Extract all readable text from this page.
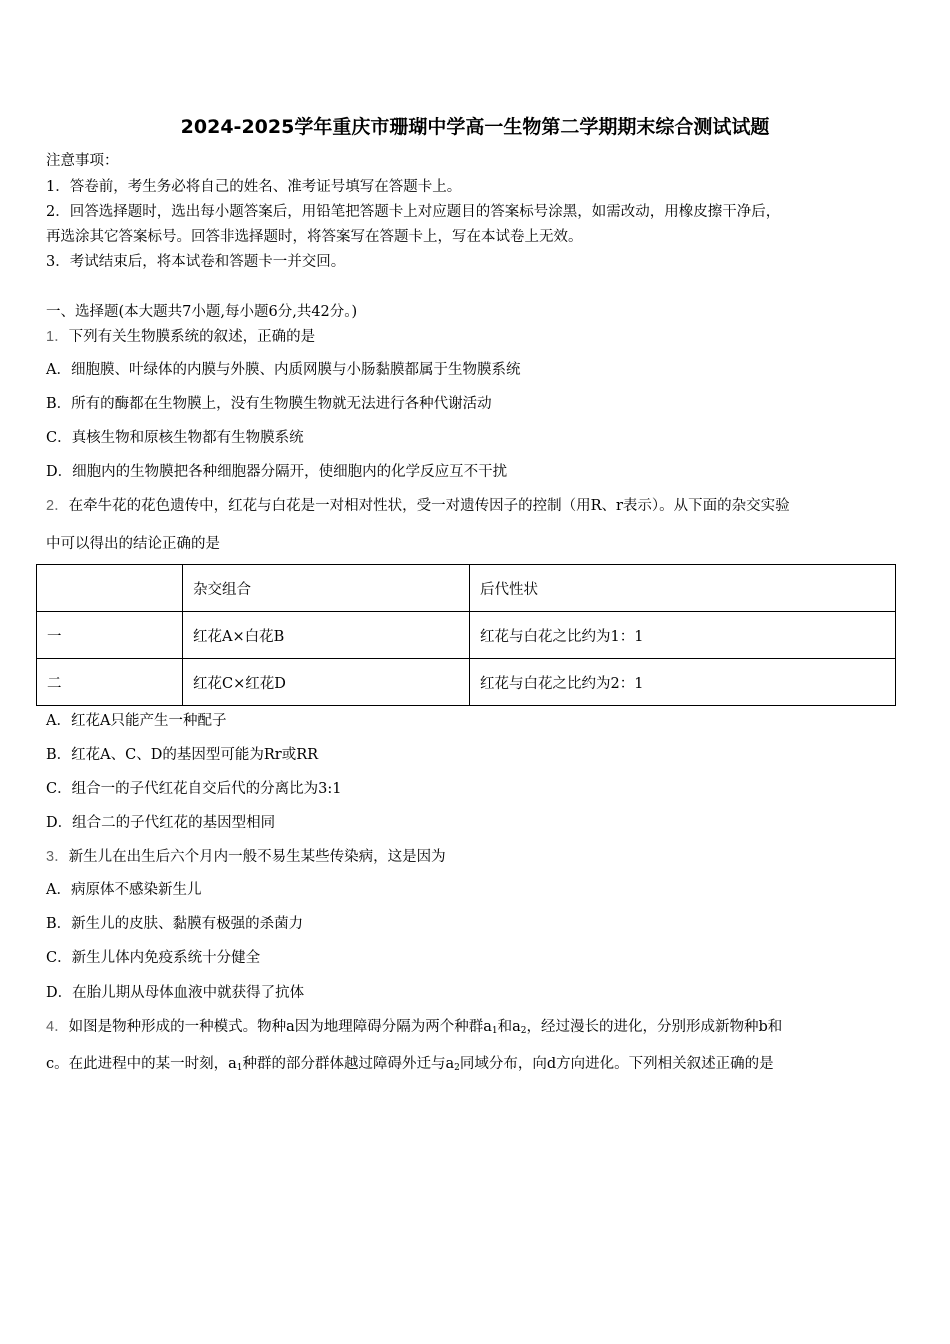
2024-2025学年重庆市珊瑚中学高一生物第二学期期末综合测试试题
注意事项：
1．答卷前，考生务必将自己的姓名、准考证号填写在答题卡上。
2．回答选择题时，选出每小题答案后，用铅笔把答题卡上对应题目的答案标号涂黑，如需改动，用橡皮擦干净后，
再选涂其它答案标号。回答非选择题时，将答案写在答题卡上，写在本试卷上无效。
3．考试结束后，将本试卷和答题卡一并交回。
一、选择题(本大题共7小题,每小题6分,共42分。)
1．下列有关生物膜系统的叙述，正确的是
A．细胞膜、叶绿体的内膜与外膜、内质网膜与小肠黏膜都属于生物膜系统
B．所有的酶都在生物膜上，没有生物膜生物就无法进行各种代谢活动
C．真核生物和原核生物都有生物膜系统
D．细胞内的生物膜把各种细胞器分隔开，使细胞内的化学反应互不干扰
2．在牵牛花的花色遗传中，红花与白花是一对相对性状，受一对遗传因子的控制（用R、r表示）。从下面的杂交实验
中可以得出的结论正确的是
	杂交组合	后代性状
一	红花A×白花B	红花与白花之比约为1：1
二	红花C×红花D	红花与白花之比约为2：1
A．红花A只能产生一种配子
B．红花A、C、D的基因型可能为Rr或RR
C．组合一的子代红花自交后代的分离比为3:1
D．组合二的子代红花的基因型相同
3．新生儿在出生后六个月内一般不易生某些传染病，这是因为
A．病原体不感染新生儿
B．新生儿的皮肤、黏膜有极强的杀菌力
C．新生儿体内免疫系统十分健全
D．在胎儿期从母体血液中就获得了抗体
4．如图是物种形成的一种模式。物种a因为地理障碍分隔为两个种群$a_1$和$a_2$，经过漫长的进化，分别形成新物种b和
c。在此进程中的某一时刻，$a_1$种群的部分群体越过障碍外迁与$a_2$同域分布，向d方向进化。下列相关叙述正确的是
